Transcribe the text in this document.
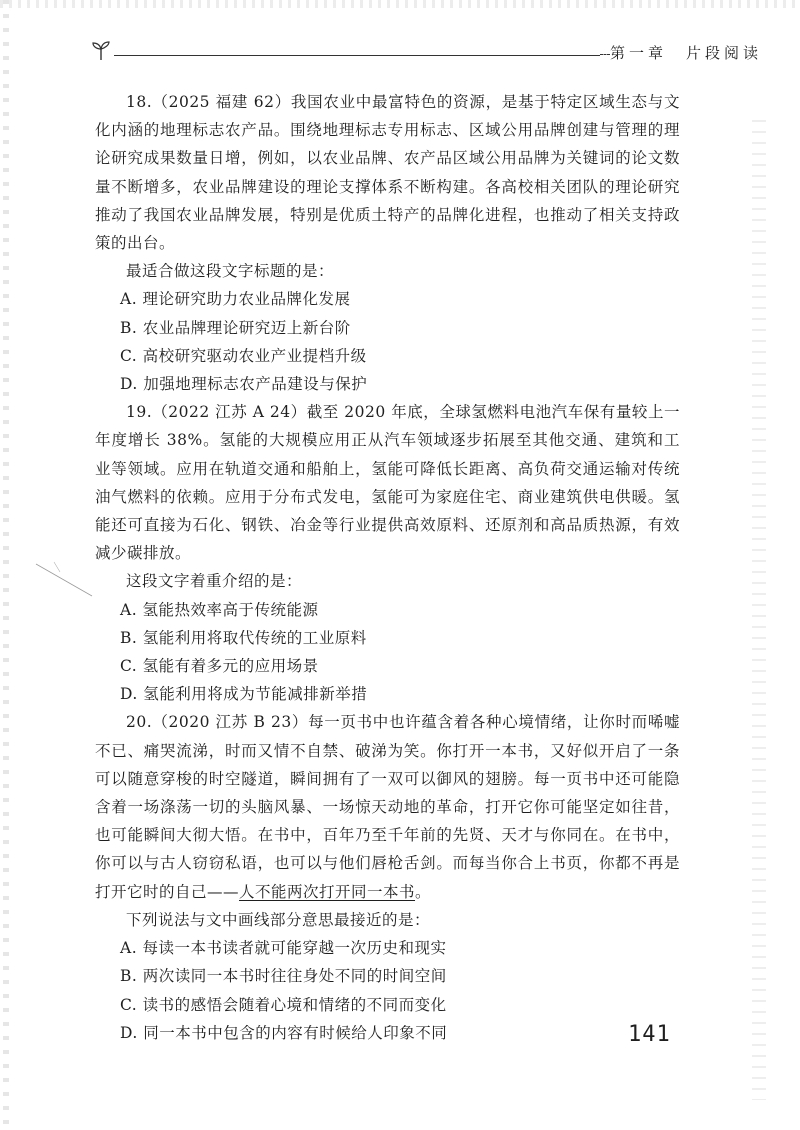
第一章　片段阅读

18.（2025 福建 62）我国农业中最富特色的资源，是基于特定区域生态与文化内涵的地理标志农产品。围绕地理标志专用标志、区域公用品牌创建与管理的理论研究成果数量日增，例如，以农业品牌、农产品区域公用品牌为关键词的论文数量不断增多，农业品牌建设的理论支撑体系不断构建。各高校相关团队的理论研究推动了我国农业品牌发展，特别是优质土特产的品牌化进程，也推动了相关支持政策的出台。

最适合做这段文字标题的是：

A. 理论研究助力农业品牌化发展

B. 农业品牌理论研究迈上新台阶

C. 高校研究驱动农业产业提档升级

D. 加强地理标志农产品建设与保护

19.（2022 江苏 A 24）截至 2020 年底，全球氢燃料电池汽车保有量较上一年度增长 38%。氢能的大规模应用正从汽车领域逐步拓展至其他交通、建筑和工业等领域。应用在轨道交通和船舶上，氢能可降低长距离、高负荷交通运输对传统油气燃料的依赖。应用于分布式发电，氢能可为家庭住宅、商业建筑供电供暖。氢能还可直接为石化、钢铁、冶金等行业提供高效原料、还原剂和高品质热源，有效减少碳排放。

这段文字着重介绍的是：

A. 氢能热效率高于传统能源

B. 氢能利用将取代传统的工业原料

C. 氢能有着多元的应用场景

D. 氢能利用将成为节能减排新举措

20.（2020 江苏 B 23）每一页书中也许蕴含着各种心境情绪，让你时而唏嘘不已、痛哭流涕，时而又情不自禁、破涕为笑。你打开一本书，又好似开启了一条可以随意穿梭的时空隧道，瞬间拥有了一双可以御风的翅膀。每一页书中还可能隐含着一场涤荡一切的头脑风暴、一场惊天动地的革命，打开它你可能坚定如往昔，也可能瞬间大彻大悟。在书中，百年乃至千年前的先贤、天才与你同在。在书中，你可以与古人窃窃私语，也可以与他们唇枪舌剑。而每当你合上书页，你都不再是打开它时的自己——人不能两次打开同一本书。

下列说法与文中画线部分意思最接近的是：

A. 每读一本书读者就可能穿越一次历史和现实

B. 两次读同一本书时往往身处不同的时间空间

C. 读书的感悟会随着心境和情绪的不同而变化

D. 同一本书中包含的内容有时候给人印象不同	141
